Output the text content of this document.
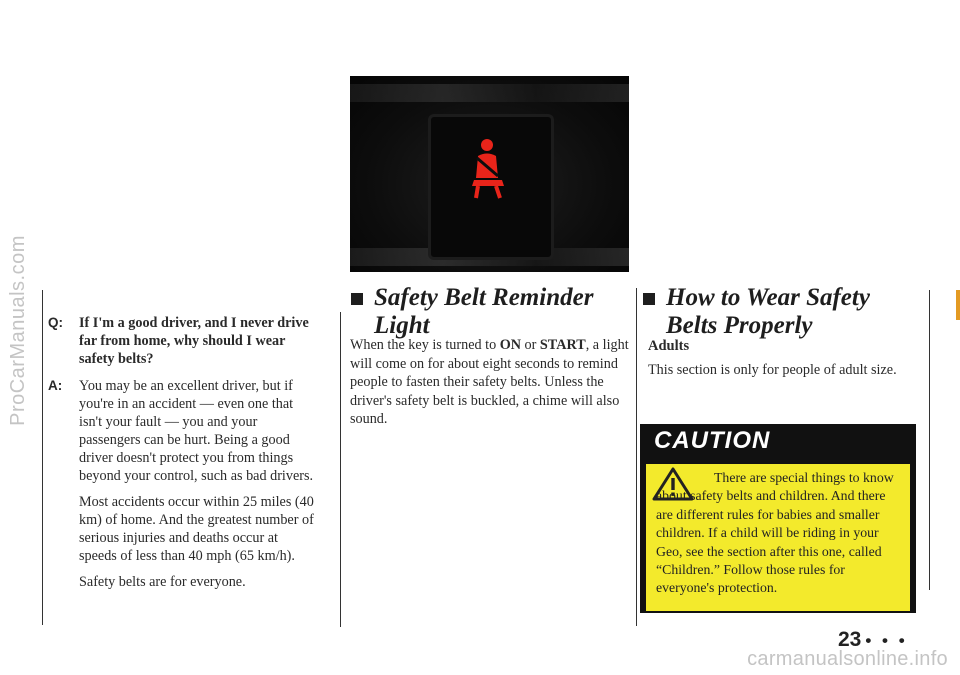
ProCarManuals.com
carmanualsonline.info
Q:	If I'm a good driver, and I never drive far from home, why should I wear safety belts?
A:	You may be an excellent driver, but if you're in an accident — even one that isn't your fault — you and your passengers can be hurt. Being a good driver doesn't protect you from things beyond your control, such as bad drivers.

Most accidents occur within 25 miles (40 km) of home. And the greatest number of serious injuries and deaths occur at speeds of less than 40 mph (65 km/h).

Safety belts are for everyone.

Safety Belt Reminder
Light

When the key is turned to ON or START, a light will come on for about eight seconds to remind people to fasten their safety belts. Unless the driver's safety belt is buckled, a chime will also sound.

How to Wear Safety
Belts Properly
Adults

This section is only for people of adult size.

CAUTION

There are special things to know about safety belts and children. And there are different rules for babies and smaller children. If a child will be riding in your Geo, see the section after this one, called “Children.” Follow those rules for everyone's protection.

23 • • •
